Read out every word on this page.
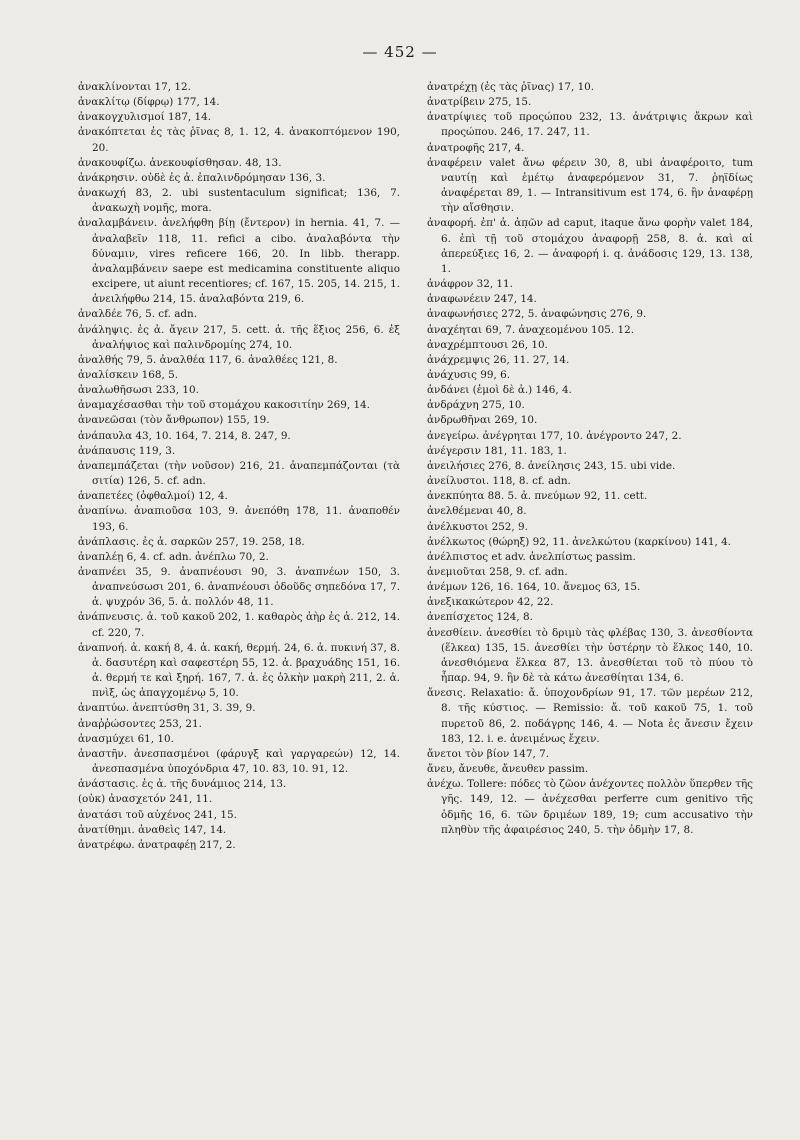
— 452 —

ἀνακλίνονται 17, 12.

ἀνακλίτῳ (δίφρῳ) 177, 14.

ἀνακογχυλισμοί 187, 14.

ἀνακόπτεται ἐς τὰς ῥῖνας 8, 1. 12, 4. ἀνακοπτόμενον 190, 20.

ἀνακουφίζω. ἀνεκουφίσθησαν. 48, 13.

ἀνάκρησιν. οὐδὲ ἐς ἀ. ἐπαλινδρόμησαν 136, 3.

ἀνακωχή 83, 2. ubi sustentaculum significat; 136, 7. ἀνακωχὴ νομῆς, mora.

ἀναλαμβάνειν. ἀνελήφθη βίῃ (ἔντερον) in hernia. 41, 7. — ἀναλαβεῖν 118, 11. refici a cibo. ἀναλαβόντα τὴν δύναμιν, vires reficere 166, 20. In libb. therapp. ἀναλαμβάνειν saepe est medicamina constituente aliquo excipere, ut aiunt recentiores; cf. 167, 15. 205, 14. 215, 1. ἀνειλήφθω 214, 15. ἀναλαβόντα 219, 6.

ἀναλδέε 76, 5. cf. adn.

ἀνάληψις. ἐς ἀ. ἄγειν 217, 5. cett. ἀ. τῆς ἕξιος 256, 6. ἐξ ἀναλήψιος καὶ παλινδρομίης 274, 10.

ἀναλθής 79, 5. ἀναλθέα 117, 6. ἀναλθέες 121, 8.

ἀναλίσκειν 168, 5.

ἀναλωθῆσωσι 233, 10.

ἀναμαχέσασθαι τὴν τοῦ στομάχου κακοσιτίην 269, 14.

ἀνανεῶσαι (τὸν ἄνθρωπον) 155, 19.

ἀνάπαυλα 43, 10. 164, 7. 214, 8. 247, 9.

ἀνάπαυσις 119, 3.

ἀναπεμπάζεται (τὴν νοῦσον) 216, 21. ἀναπεμπάζονται (τὰ σιτία) 126, 5. cf. adn.

ἀναπετέες (ὀφθαλμοί) 12, 4.

ἀναπίνω. ἀναπιοῦσα 103, 9. ἀνεπόθη 178, 11. ἀναποθέν 193, 6.

ἀνάπλασις. ἐς ἀ. σαρκῶν 257, 19. 258, 18.

ἀναπλέῃ 6, 4. cf. adn. ἀνέπλω 70, 2.

ἀναπνέει 35, 9. ἀναπνέουσι 90, 3. ἀναπνέων 150, 3. ἀναπνεύσωσι 201, 6. ἀναπνέουσι ὁδοῦδς σηπεδόνα 17, 7. ἀ. ψυχρόν 36, 5. ἀ. πολλόν 48, 11.

ἀνάπνευσις. ἀ. τοῦ κακοῦ 202, 1. καθαρὸς ἀὴρ ἐς ἀ. 212, 14. cf. 220, 7.

ἀναπνοή. ἀ. κακή 8, 4. ἀ. κακή, θερμή. 24, 6. ἀ. πυκινή 37, 8. ἀ. δασυτέρη καὶ σαφεστέρη 55, 12. ἀ. βραχυάδης 151, 16. ἀ. θερμή τε καὶ ξηρή. 167, 7. ἀ. ἐς ὁλκὴν μακρὴ 211, 2. ἀ. πνὶξ, ὡς ἀπαγχομένῳ 5, 10.

ἀναπτύω. ἀνεπτύσθη 31, 3. 39, 9.

ἀναῤῥώσοντες 253, 21.

ἀνασμύχει 61, 10.

ἀναστῆν. ἀνεσπασμένοι (φάρυγξ καὶ γαργαρεών) 12, 14. ἀνεσπασμένα ὑποχόνδρια 47, 10. 83, 10. 91, 12.

ἀνάστασις. ἐς ἀ. τῆς δυνάμιος 214, 13.

(οὐκ) ἀνασχετόν 241, 11.

ἀνατάσι τοῦ αὐχένος 241, 15.

ἀνατίθημι. ἀναθεὶς 147, 14.

ἀνατρέφω. ἀνατραφέῃ 217, 2.

ἀνατρέχῃ (ἐς τὰς ῥῖνας) 17, 10.

ἀνατρίβειν 275, 15.

ἀνατρίψιες τοῦ προςώπου 232, 13. ἀνάτριψις ἄκρων καὶ προςώπου. 246, 17. 247, 11.

ἀνατροφῆς 217, 4.

ἀναφέρειν valet ἄνω φέρειν 30, 8, ubi ἀναφέροιτο, tum ναυτίῃ καὶ ἐμέτῳ ἀναφερόμενον 31, 7. ῥηϊδίως ἀναφέρεται 89, 1. — Intransitivum est 174, 6. ἢν ἀναφέρῃ τὴν αἴσθησιν.

ἀναφορή. ἐπ' ἀ. ἀπ̣ῶν ad caput, itaque ἄνω φορὴν valet 184, 6. ἐπὶ τῇ τοῦ στομάχου ἀναφορῇ 258, 8. ἀ. καὶ αἱ ἀπερεύξιες 16, 2. — ἀναφορή i. q. ἀνάδοσις 129, 13. 138, 1.

ἀνάφρον 32, 11.

ἀναφωνέειν 247, 14.

ἀναφωνήσιες 272, 5. ἀναφώνησις 276, 9.

ἀναχέηται 69, 7. ἀναχεομένου 105. 12.

ἀναχρέμπτουσι 26, 10.

ἀνάχρεμψις 26, 11. 27, 14.

ἀνάχυσις 99, 6.

ἀνδάνει (ἐμοὶ δὲ ἀ.) 146, 4.

ἀνδράχνη 275, 10.

ἀνδρωθῆναι 269, 10.

ἀνεγείρω. ἀνέγρηται 177, 10. ἀνέγροντο 247, 2.

ἀνέγερσιν 181, 11. 183, 1.

ἀνειλήσιες 276, 8. ἀνείλησις 243, 15. ubi vide.

ἀνείλυστοι. 118, 8. cf. adn.

ἀνεκπύητα 88. 5. ἀ. πνεύμων 92, 11. cett.

ἀνελθέμεναι 40, 8.

ἀνέλκυστοι 252, 9.

ἀνέλκωτος (θώρηξ) 92, 11. ἀνελκώτου (καρκίνου) 141, 4.

ἀνέλπιστος et adv. ἀνελπίστως passim.

ἀνεμιοῦται 258, 9. cf. adn.

ἀνέμων 126, 16. 164, 10. ἄνεμος 63, 15.

ἀνεξικακώτερον 42, 22.

ἀνεπίσχετος 124, 8.

ἀνεσθίειν. ἀνεσθίει τὸ δριμὺ τὰς φλέβας 130, 3. ἀνεσθίοντα (ἕλκεα) 135, 15. ἀνεσθίει τὴν ὑστέρην τὸ ἕλκος 140, 10. ἀνεσθιόμενα ἕλκεα 87, 13. ἀνεσθίεται τοῦ τὸ πύου τὸ ἧπαρ. 94, 9. ἢν δὲ τὰ κάτω ἀνεσθίηται 134, 6.

ἄνεσις. Relaxatio: ἄ. ὑποχονδρίων 91, 17. τῶν μερέων 212, 8. τῆς κύστιος. — Remissio: ἄ. τοῦ κακοῦ 75, 1. τοῦ πυρετοῦ 86, 2. ποδάγρης 146, 4. — Nota ἐς ἄνεσιν ἔχειν 183, 12. i. e. ἀνειμένως ἔχειν.

ἄνετοι τὸν βίον 147, 7.

ἄνευ, ἄνευθε, ἄνευθεν passim.

ἀνέχω. Tollere: πόδες τὸ ζῶον ἀνέχοντες πολλὸν ὕπερθεν τῆς γῆς. 149, 12. — ἀνέχεσθαι perferre cum genitivo τῆς ὀδμῆς 16, 6. τῶν δριμέων 189, 19; cum accusativo τὴν πληθὺν τῆς ἀφαιρέσιος 240, 5. τὴν ὀδμὴν 17, 8.
